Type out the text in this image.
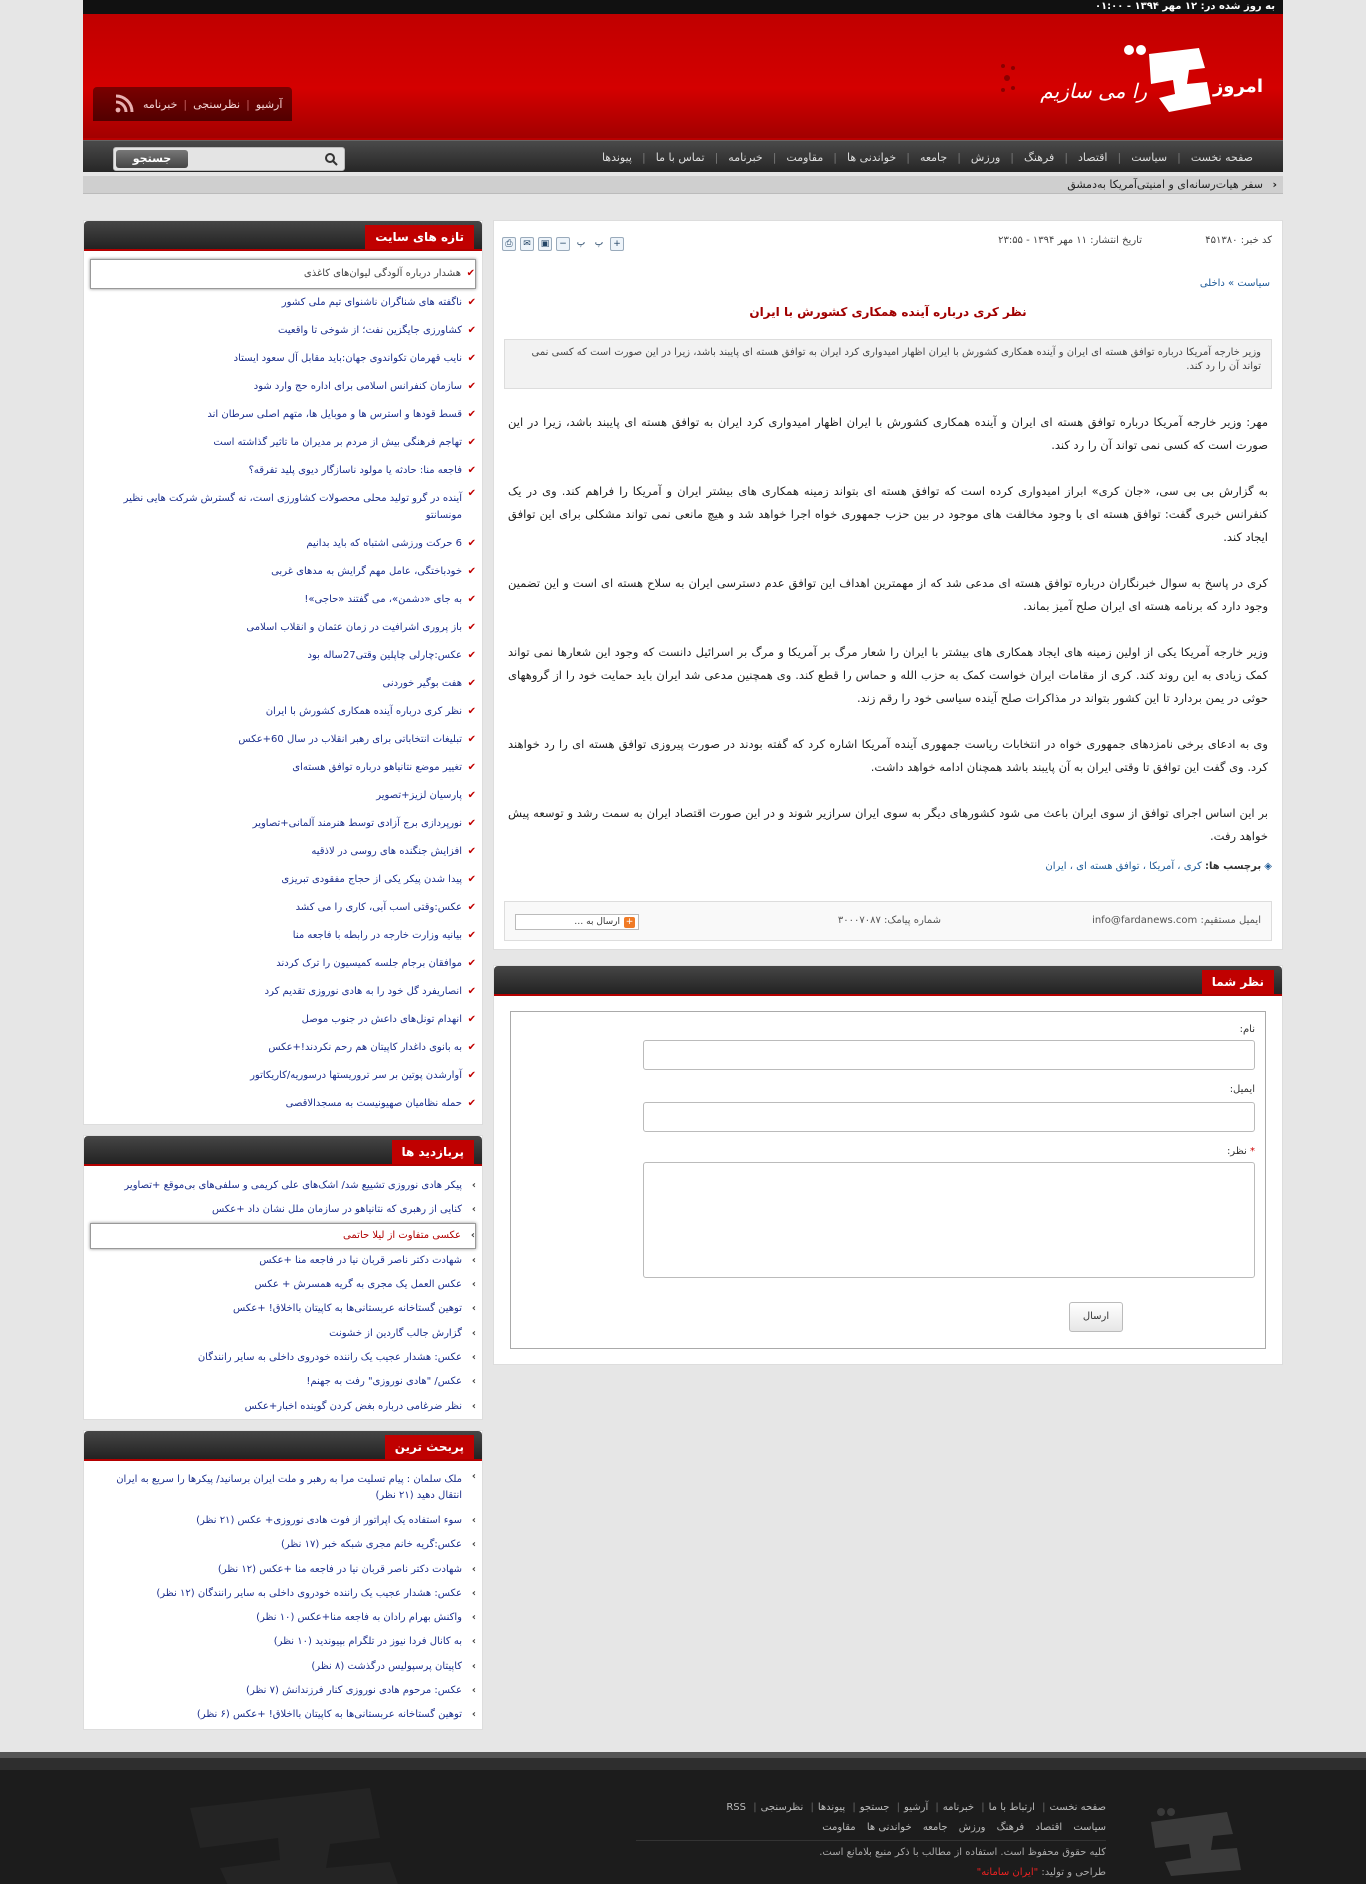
به روز شده در: ۱۲ مهر ۱۳۹۴ - ۰۱:۰۰
امروز
را می سازیم
فردا
آرشیو
|
نظرسنجی
|
خبرنامه
صفحه نخست
|
سیاست
|
اقتصاد
|
فرهنگ
|
ورزش
|
جامعه
|
خواندنی ها
|
مقاومت
|
خبرنامه
|
تماس با ما
|
پیوندها
جستجو
‹
سفر هیات‌رسانه‌ای و امنیتی‌آمریکا به‌دمشق
کد خبر: ۴۵۱۳۸۰
تاریخ انتشار: ۱۱ مهر ۱۳۹۴ - ۲۳:۵۵
⎙	✉	▣	−	پ	پ	+
سیاست » داخلی
نظر کری درباره آینده همکاری کشورش با ایران
وزیر خارجه آمریکا درباره توافق هسته ای ایران و آینده همکاری کشورش با ایران اظهار امیدواری کرد ایران به توافق هسته ای پایبند باشد، زیرا در این صورت است که کسی نمی تواند آن را رد کند.

مهر: وزیر خارجه آمریکا درباره توافق هسته ای ایران و آینده همکاری کشورش با ایران اظهار امیدواری کرد ایران به توافق هسته ای پایبند باشد، زیرا در این صورت است که کسی نمی تواند آن را رد کند.

به گزارش بی بی سی، «جان کری» ابراز امیدواری کرده است که توافق هسته ای بتواند زمینه همکاری های بیشتر ایران و آمریکا را فراهم کند. وی در یک کنفرانس خبری گفت: توافق هسته ای با وجود مخالفت های موجود در بین حزب جمهوری خواه اجرا خواهد شد و هیچ مانعی نمی تواند مشکلی برای این توافق ایجاد کند.

کری در پاسخ به سوال خبرنگاران درباره توافق هسته ای مدعی شد که از مهمترین اهداف این توافق عدم دسترسی ایران به سلاح هسته ای است و این تضمین وجود دارد که برنامه هسته ای ایران صلح آمیز بماند.

وزیر خارجه آمریکا یکی از اولین زمینه های ایجاد همکاری های بیشتر با ایران را شعار مرگ بر آمریکا و مرگ بر اسرائیل دانست که وجود این شعارها نمی تواند کمک زیادی به این روند کند. کری از مقامات ایران خواست کمک به حزب الله و حماس را قطع کند. وی همچنین مدعی شد ایران باید حمایت خود را از گروههای حوثی در یمن بردارد تا این کشور بتواند در مذاکرات صلح آینده سیاسی خود را رقم زند.

وی به ادعای برخی نامزدهای جمهوری خواه در انتخابات ریاست جمهوری آینده آمریکا اشاره کرد که گفته بودند در صورت پیروزی توافق هسته ای را رد خواهند کرد. وی گفت این توافق تا وقتی ایران به آن پایبند باشد همچنان ادامه خواهد داشت.

بر این اساس اجرای توافق از سوی ایران باعث می شود کشورهای دیگر به سوی ایران سرازیر شوند و در این صورت اقتصاد ایران به سمت رشد و توسعه پیش خواهد رفت.

◈ برچسب ها: کری ، آمریکا ، توافق هسته ای ، ایران
ایمیل مستقیم: info@fardanews.com
شماره پیامک: ۳۰۰۰۷۰۸۷
+
ارسال به …
نظر شما
نام:
ایمیل:
* نظر:
ارسال
تازه های سایت
✔
هشدار درباره آلودگی لیوان‌های کاغذی
✔
ناگفته های شناگران ناشنوای تیم ملی کشور
✔
کشاورزی جایگزین نفت؛ از شوخی تا واقعیت
✔
نایب قهرمان تکواندوی جهان:باید مقابل آل سعود ایستاد
✔
سازمان کنفرانس اسلامی برای اداره حج وارد شود
✔
قسط قودها و استرس ها و موبایل ها، متهم اصلی سرطان اند
✔
تهاجم فرهنگی بیش از مردم بر مدیران ما تاثیر گذاشته است
✔
فاجعه منا: حادثه یا مولود ناسازگار دیوی پلید تفرقه؟
✔
آینده در گرو تولید محلی محصولات کشاورزی است، نه گسترش شرکت هایی نظیر مونسانتو
✔
6 حرکت ورزشی اشتباه که باید بدانیم
✔
خودباختگی، عامل مهم گرایش به مدهای غربی
✔
به جای «دشمن»، می گفتند «حاجی»!
✔
باز پروری اشرافیت در زمان عثمان و انقلاب اسلامی
✔
عکس:چارلی چاپلین وقتی27ساله بود
✔
هفت بوگیر خوردنی
✔
نظر کری درباره آینده همکاری کشورش با ایران
✔
تبلیغات انتخاباتی برای رهبر انقلاب در سال 60+عکس
✔
تغییر موضع نتانیاهو درباره توافق هسته‌ای
✔
پارسیان لزیز+تصویر
✔
نورپردازی برج آزادی توسط هنرمند آلمانی+تصاویر
✔
افزایش جنگنده های روسی در لاذقیه
✔
پیدا شدن پیکر یکی از حجاج مفقودی تبریزی
✔
عکس:وقتی اسب آبی، کاری را می کشد
✔
بیانیه وزارت خارجه در رابطه با فاجعه منا
✔
موافقان برجام جلسه کمیسیون را ترک کردند
✔
انصاریفرد گل خود را به هادی نوروزی تقدیم کرد
✔
انهدام تونل‌های داعش در جنوب موصل
✔
به بانوی داغدار کاپیتان هم رحم نکردند!+عکس
✔
آوارشدن پوتین بر سر تروریستها درسوریه/کاریکاتور
✔
حمله نظامیان صهیونیست به مسجدالاقصی
پربازدید ها
›
پیکر هادی نوروزی تشییع شد/ اشک‌های علی کریمی و سلفی‌های بی‌موقع +تصاویر
›
کنایی از رهبری که نتانیاهو در سازمان ملل نشان داد +عکس
›
عکسی متفاوت از لیلا حاتمی
›
شهادت دکتر ناصر قربان نیا در فاجعه منا +عکس
›
عکس العمل یک مجری به گریه همسرش + عکس
›
توهین گستاخانه عربستانی‌ها به کاپیتان بااخلاق! +عکس
›
گزارش جالب گاردین از خشونت
›
عکس: هشدار عجیب یک راننده خودروی داخلی به سایر رانندگان
›
عکس/ "هادی نوروزی" رفت به جهنم!
›
نظر ضرغامی درباره بغض کردن گوینده اخبار+عکس
پربحث ترین
›
ملک سلمان : پیام تسلیت مرا به رهبر و ملت ایران برسانید/ پیکرها را سریع به ایران انتقال دهید (۲۱ نظر)
›
سوء استفاده یک اپراتور از فوت هادی نوروزی+ عکس (۲۱ نظر)
›
عکس:گریه خانم مجری شبکه خبر (۱۷ نظر)
›
شهادت دکتر ناصر قربان نیا در فاجعه منا +عکس (۱۲ نظر)
›
عکس: هشدار عجیب یک راننده خودروی داخلی به سایر رانندگان (۱۲ نظر)
›
واکنش بهرام رادان به فاجعه منا+عکس (۱۰ نظر)
›
به کانال فردا نیوز در تلگرام بپیوندید (۱۰ نظر)
›
کاپیتان پرسپولیس درگذشت (۸ نظر)
›
عکس: مرحوم هادی نوروزی کنار فرزندانش (۷ نظر)
›
توهین گستاخانه عربستانی‌ها به کاپیتان بااخلاق! +عکس (۶ نظر)
صفحه نخست| ارتباط با ما| خبرنامه| آرشیو| جستجو| پیوندها| نظرسنجی| RSS
سیاست اقتصاد فرهنگ ورزش جامعه خواندنی ها مقاومت
کلیه حقوق محفوظ است. استفاده از مطالب با ذکر منبع بلامانع است.
طراحی و تولید: "ایران سامانه"
